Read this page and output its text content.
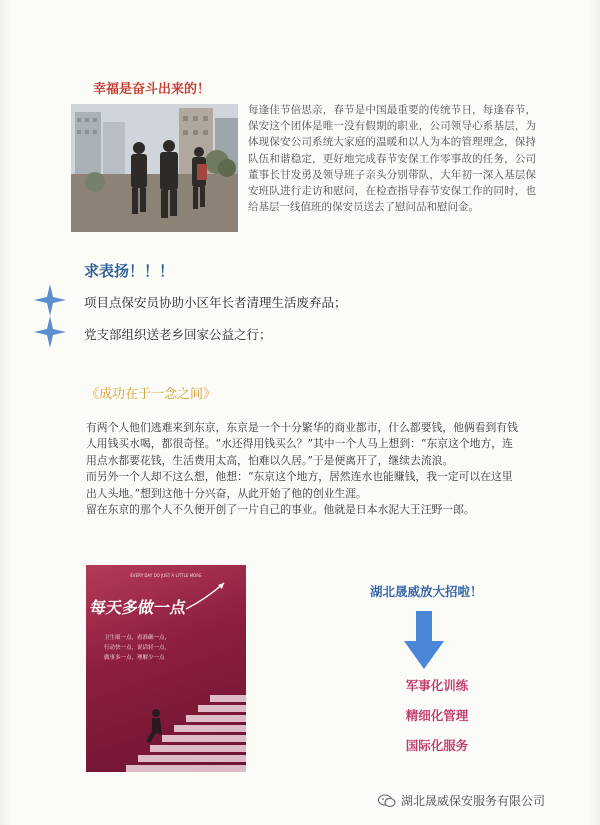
幸福是奋斗出来的！
每逢佳节倍思亲，春节是中国最重要的传统节日，每逢春节，保安这个团体是唯一没有假期的职业，公司领导心系基层，为体现保安公司系统大家庭的温暖和以人为本的管理理念，保持队伍和谐稳定，更好地完成春节安保工作零事故的任务，公司董事长甘发勇及领导班子亲头分别带队，大年初一深入基层保安班队进行走访和慰问，在检查指导春节安保工作的同时，也给基层一线值班的保安员送去了慰问品和慰问金。
求表扬！！！
项目点保安员协助小区年长者清理生活废弃品；
党支部组织送老乡回家公益之行；
《成功在于一念之间》

有两个人他们逃难来到东京，东京是一个十分繁华的商业都市，什么都要钱，他俩看到有钱人用钱买水喝，都很奇怪。“水还得用钱买么？”其中一个人马上想到：“东京这个地方，连用点水都要花钱，生活费用太高，怕难以久居。”于是便离开了，继续去流浪。

而另外一个人却不这么想，他想：“东京这个地方，居然连水也能赚钱，我一定可以在这里出人头地。”想到这他十分兴奋，从此开始了他的创业生涯。

留在东京的那个人不久便开创了一片自己的事业。他就是日本水泥大王汪野一郎。

EVERY DAY DO JUST A LITTLE MORE
每天多做一点
卫生细一点，看准确一点，
行动快一点，说话轻一点，
做事多一点，理解少一点
湖北晟威放大招啦！
军事化训练
精细化管理
国际化服务
湖北晟威保安服务有限公司
